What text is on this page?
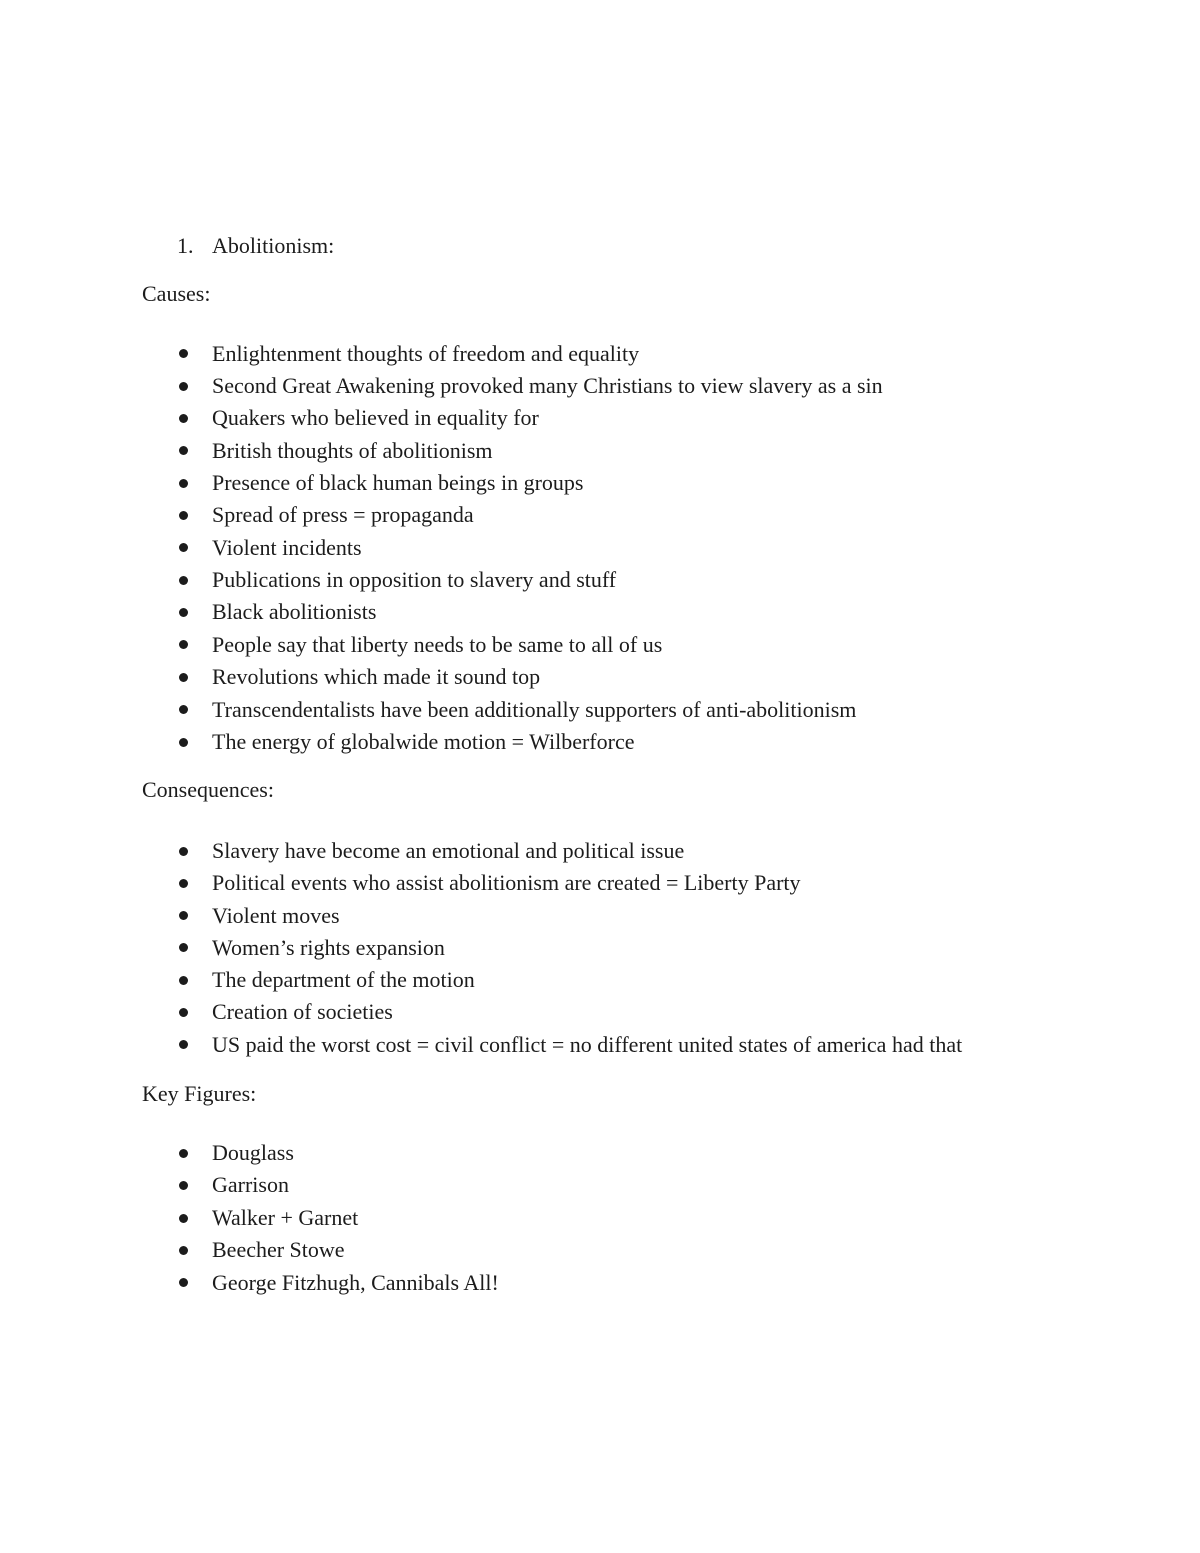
1. Abolitionism:
Causes:
Enlightenment thoughts of freedom and equality
Second Great Awakening provoked many Christians to view slavery as a sin
Quakers who believed in equality for
British thoughts of abolitionism
Presence of black human beings in groups
Spread of press = propaganda
Violent incidents
Publications in opposition to slavery and stuff
Black abolitionists
People say that liberty needs to be same to all of us
Revolutions which made it sound top
Transcendentalists have been additionally supporters of anti-abolitionism
The energy of globalwide motion = Wilberforce
Consequences:
Slavery have become an emotional and political issue
Political events who assist abolitionism are created = Liberty Party
Violent moves
Women’s rights expansion
The department of the motion
Creation of societies
US paid the worst cost = civil conflict = no different united states of america had that
Key Figures:
Douglass
Garrison
Walker + Garnet
Beecher Stowe
George Fitzhugh, Cannibals All!
